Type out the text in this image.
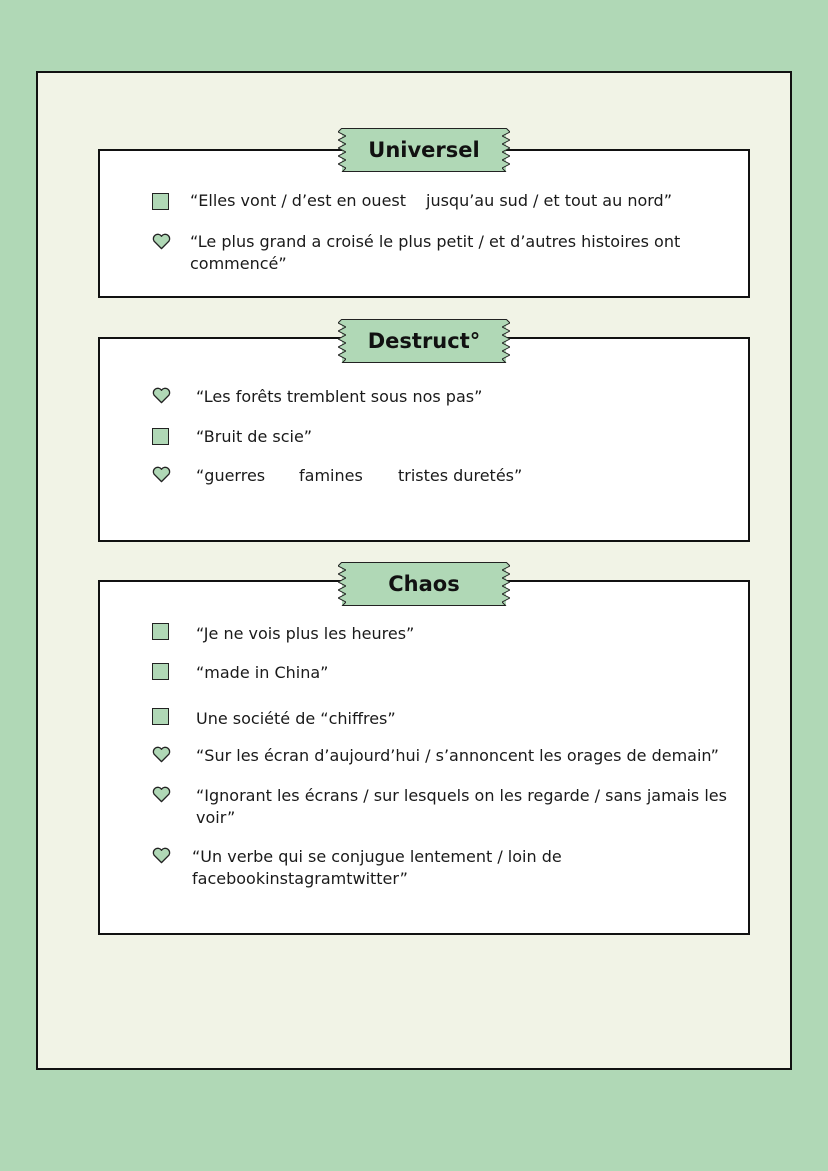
Universel
“Elles vont / d’est en ouest jusqu’au sud / et tout au nord”
“Le plus grand a croisé le plus petit / et d’autres histoires ont
commencé”
Destruct°
“Les forêts tremblent sous nos pas”
“Bruit de scie”
“guerres famines tristes duretés”
Chaos
“Je ne vois plus les heures”
“made in China”
Une société de “chiffres”
“Sur les écran d’aujourd’hui / s’annoncent les orages de demain”
“Ignorant les écrans / sur lesquels on les regarde / sans jamais les
voir”
“Un verbe qui se conjugue lentement / loin de
facebookinstagramtwitter”
